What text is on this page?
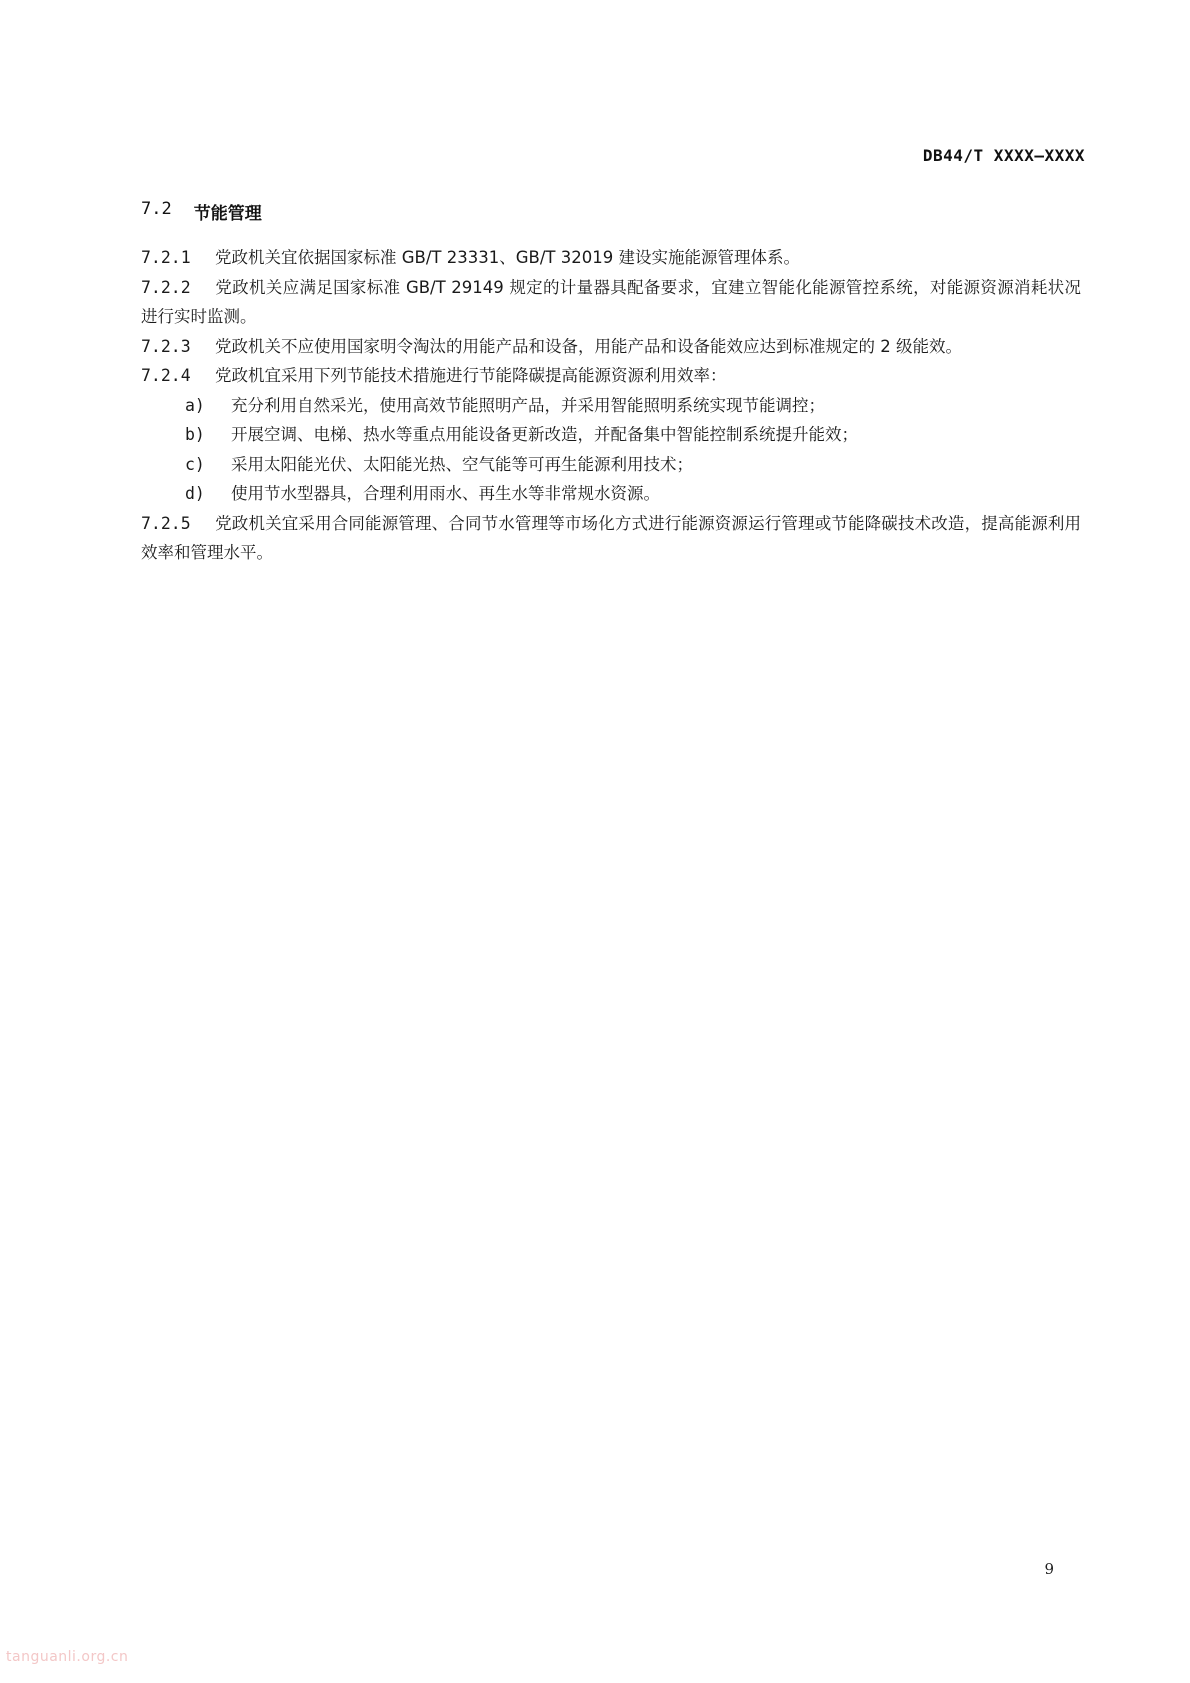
DB44/T XXXX—XXXX
7.2 节能管理

7.2.1 党政机关宜依据国家标准 GB/T 23331、GB/T 32019 建设实施能源管理体系。

7.2.2 党政机关应满足国家标准 GB/T 29149 规定的计量器具配备要求，宜建立智能化能源管控系统，对能源资源消耗状况进行实时监测。

7.2.3 党政机关不应使用国家明令淘汰的用能产品和设备，用能产品和设备能效应达到标准规定的 2 级能效。

7.2.4 党政机宜采用下列节能技术措施进行节能降碳提高能源资源利用效率：

a)	充分利用自然采光，使用高效节能照明产品，并采用智能照明系统实现节能调控；
b)	开展空调、电梯、热水等重点用能设备更新改造，并配备集中智能控制系统提升能效；
c)	采用太阳能光伏、太阳能光热、空气能等可再生能源利用技术；
d)	使用节水型器具，合理利用雨水、再生水等非常规水资源。

7.2.5 党政机关宜采用合同能源管理、合同节水管理等市场化方式进行能源资源运行管理或节能降碳技术改造，提高能源利用效率和管理水平。

9
tanguanli.org.cn
